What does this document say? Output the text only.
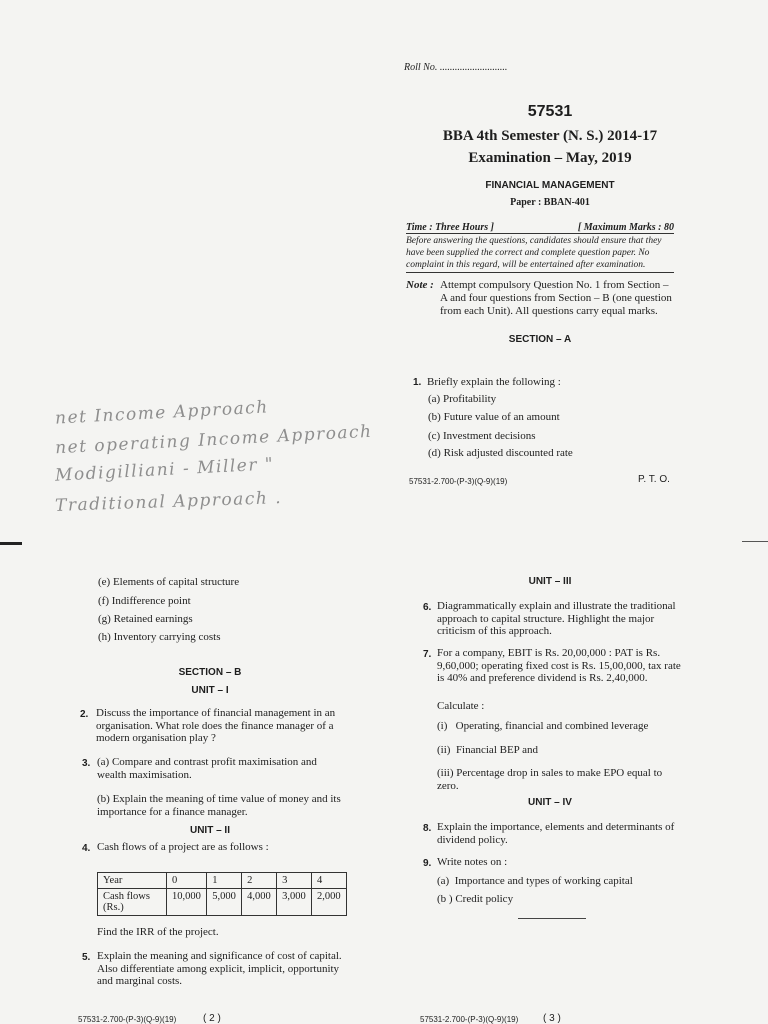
Roll No. ...........................
57531
BBA 4th Semester (N. S.) 2014-17
Examination – May, 2019
FINANCIAL MANAGEMENT
Paper : BBAN-401
Time : Three Hours ]	[ Maximum Marks : 80
Before answering the questions, candidates should ensure that they have been supplied the correct and complete question paper. No complaint in this regard, will be entertained after examination.
Note : Attempt compulsory Question No. 1 from Section – A and four questions from Section – B (one question from each Unit). All questions carry equal marks.
SECTION – A
1. Briefly explain the following :
(a) Profitability
(b) Future value of an amount
(c) Investment decisions
(d) Risk adjusted discounted rate
57531-2.700-(P-3)(Q-9)(19)	P. T. O.
net Income Approach
net operating Income Approach
Modigilliani - Miller "
Traditional Approach .
(e) Elements of capital structure
(f) Indifference point
(g) Retained earnings
(h) Inventory carrying costs
SECTION – B
UNIT – I
2. Discuss the importance of financial management in an organisation. What role does the finance manager of a modern organisation play ?
3. (a) Compare and contrast profit maximisation and wealth maximisation.
(b) Explain the meaning of time value of money and its importance for a finance manager.
UNIT – II
4. Cash flows of a project are as follows :
Year	0	1	2	3	4
Cash flows (Rs.)	10,000	5,000	4,000	3,000	2,000
Find the IRR of the project.
5. Explain the meaning and significance of cost of capital. Also differentiate among explicit, implicit, opportunity and marginal costs.
57531-2.700-(P-3)(Q-9)(19)	( 2 )
UNIT – III
6. Diagrammatically explain and illustrate the traditional approach to capital structure. Highlight the major criticism of this approach.
7. For a company, EBIT is Rs. 20,00,000 : PAT is Rs. 9,60,000; operating fixed cost is Rs. 15,00,000, tax rate is 40% and preference dividend is Rs. 2,40,000.
Calculate :
(i)   Operating, financial and combined leverage
(ii)  Financial BEP and
(iii) Percentage drop in sales to make EPO equal to zero.
UNIT – IV
8. Explain the importance, elements and determinants of dividend policy.
9. Write notes on :
(a)  Importance and types of working capital
(b ) Credit policy
57531-2.700-(P-3)(Q-9)(19) ( 3 )
